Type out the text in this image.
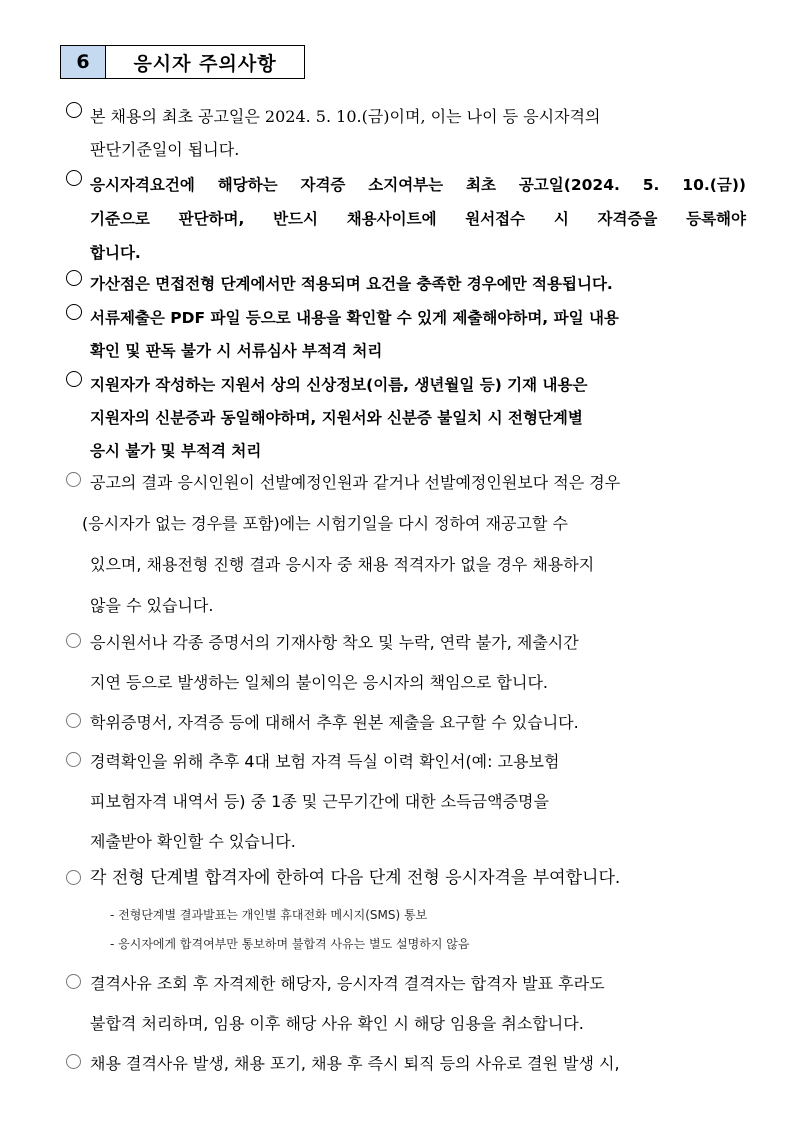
6	응시자 주의사항
본 채용의 최초 공고일은 2024. 5. 10.(금)이며, 이는 나이 등 응시자격의
판단기준일이 됩니다.
응시자격요건에 해당하는 자격증 소지여부는 최초 공고일(2024. 5. 10.(금))
기준으로 판단하며, 반드시 채용사이트에 원서접수 시 자격증을 등록해야
합니다.
가산점은 면접전형 단계에서만 적용되며 요건을 충족한 경우에만 적용됩니다.
서류제출은 PDF 파일 등으로 내용을 확인할 수 있게 제출해야하며, 파일 내용
확인 및 판독 불가 시 서류심사 부적격 처리
지원자가 작성하는 지원서 상의 신상정보(이름, 생년월일 등) 기재 내용은
지원자의 신분증과 동일해야하며, 지원서와 신분증 불일치 시 전형단계별
응시 불가 및 부적격 처리
공고의 결과 응시인원이 선발예정인원과 같거나 선발예정인원보다 적은 경우
(응시자가 없는 경우를 포함)에는 시험기일을 다시 정하여 재공고할 수
있으며, 채용전형 진행 결과 응시자 중 채용 적격자가 없을 경우 채용하지
않을 수 있습니다.
응시원서나 각종 증명서의 기재사항 착오 및 누락, 연락 불가, 제출시간
지연 등으로 발생하는 일체의 불이익은 응시자의 책임으로 합니다.
학위증명서, 자격증 등에 대해서 추후 원본 제출을 요구할 수 있습니다.
경력확인을 위해 추후 4대 보험 자격 득실 이력 확인서(예: 고용보험
피보험자격 내역서 등) 중 1종 및 근무기간에 대한 소득금액증명을
제출받아 확인할 수 있습니다.
각 전형 단계별 합격자에 한하여 다음 단계 전형 응시자격을 부여합니다.
- 전형단계별 결과발표는 개인별 휴대전화 메시지(SMS) 통보
- 응시자에게 합격여부만 통보하며 불합격 사유는 별도 설명하지 않음
결격사유 조회 후 자격제한 해당자, 응시자격 결격자는 합격자 발표 후라도
불합격 처리하며, 임용 이후 해당 사유 확인 시 해당 임용을 취소합니다.
채용 결격사유 발생, 채용 포기, 채용 후 즉시 퇴직 등의 사유로 결원 발생 시,
